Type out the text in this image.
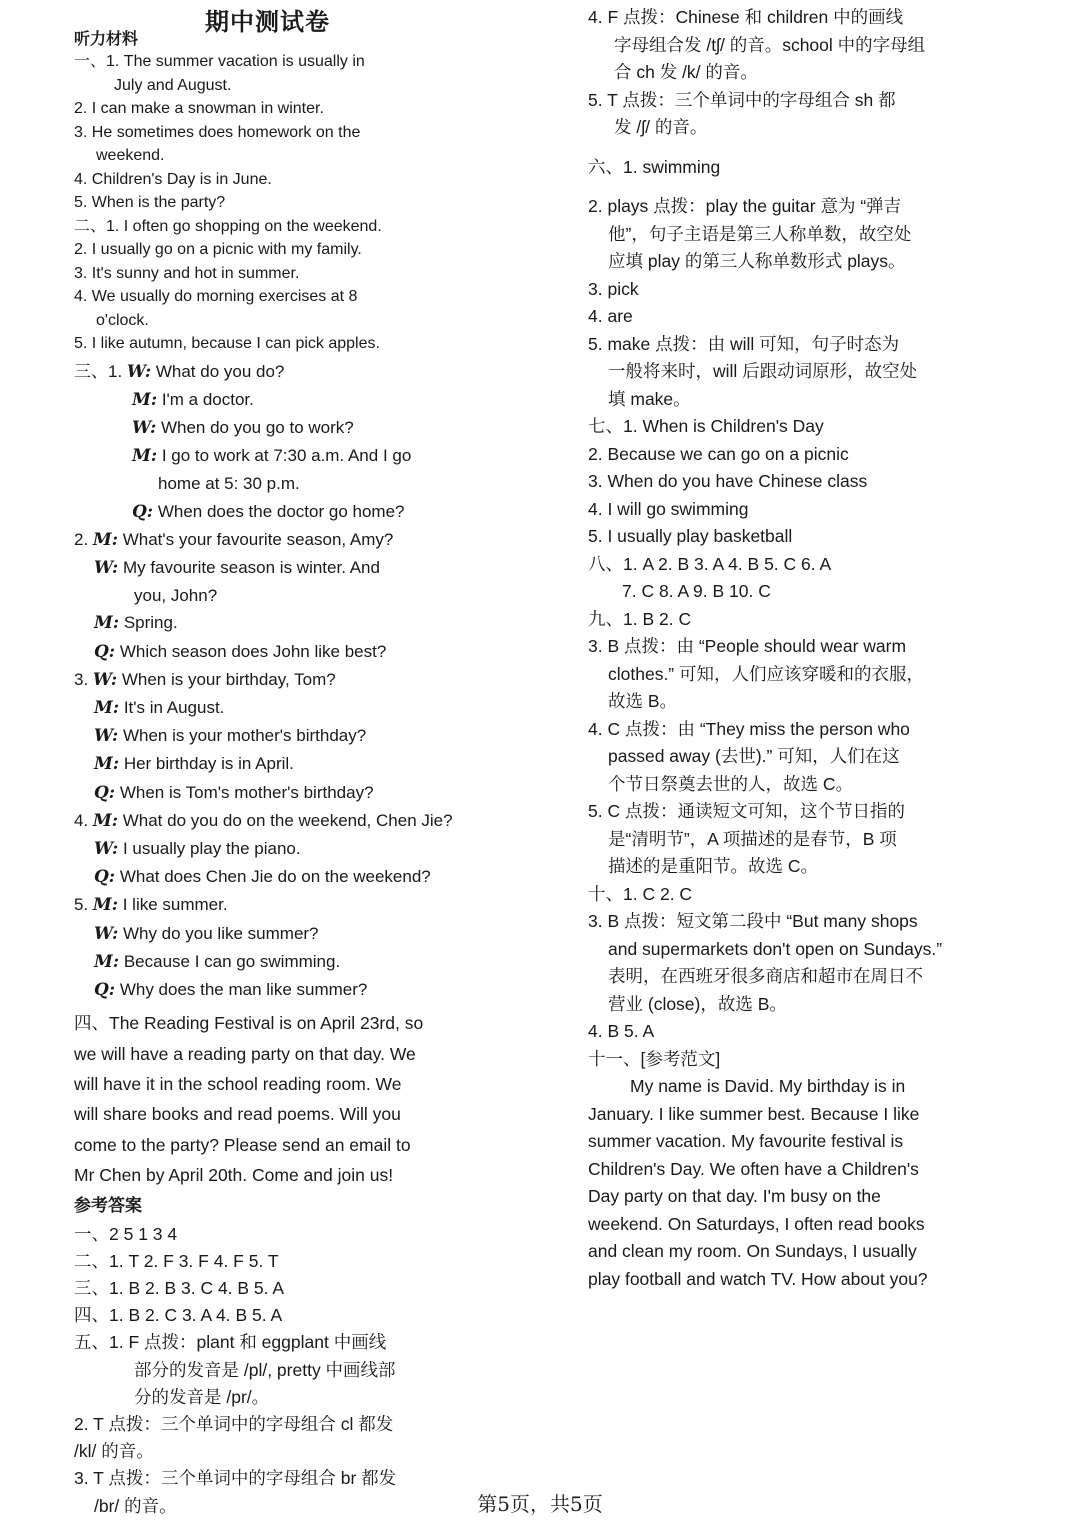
期中测试卷
听力材料
一、1. The summer vacation is usually in
July and August.
2. I can make a snowman in winter.
3. He sometimes does homework on the
weekend.
4. Children's Day is in June.
5. When is the party?
二、1. I often go shopping on the weekend.
2. I usually go on a picnic with my family.
3. It's sunny and hot in summer.
4. We usually do morning exercises at 8
o'clock.
5. I like autumn, because I can pick apples.
三、1. W: What do you do?
M: I'm a doctor.
W: When do you go to work?
M: I go to work at 7:30 a.m. And I go
home at 5: 30 p.m.
Q: When does the doctor go home?
2. M: What's your favourite season, Amy?
W: My favourite season is winter. And
you, John?
M: Spring.
Q: Which season does John like best?
3. W: When is your birthday, Tom?
M: It's in August.
W: When is your mother's birthday?
M: Her birthday is in April.
Q: When is Tom's mother's birthday?
4. M: What do you do on the weekend, Chen Jie?
W: I usually play the piano.
Q: What does Chen Jie do on the weekend?
5. M: I like summer.
W: Why do you like summer?
M: Because I can go swimming.
Q: Why does the man like summer?
四、The Reading Festival is on April 23rd, so
we will have a reading party on that day. We
will have it in the school reading room. We
will share books and read poems. Will you
come to the party? Please send an email to
Mr Chen by April 20th. Come and join us!
参考答案
一、2 5 1 3 4
二、1. T 2. F 3. F 4. F 5. T
三、1. B 2. B 3. C 4. B 5. A
四、1. B 2. C 3. A 4. B 5. A
五、1. F 点拨：plant 和 eggplant 中画线
部分的发音是 /pl/, pretty 中画线部
分的发音是 /pr/。
2. T 点拨：三个单词中的字母组合 cl 都发
/kl/ 的音。
3. T 点拨：三个单词中的字母组合 br 都发
/br/ 的音。
4. F 点拨：Chinese 和 children 中的画线
字母组合发 /tʃ/ 的音。school 中的字母组
合 ch 发 /k/ 的音。
5. T 点拨：三个单词中的字母组合 sh 都
发 /ʃ/ 的音。
六、1. swimming
2. plays 点拨：play the guitar 意为 “弹吉
他”，句子主语是第三人称单数，故空处
应填 play 的第三人称单数形式 plays。
3. pick
4. are
5. make 点拨：由 will 可知，句子时态为
一般将来时，will 后跟动词原形，故空处
填 make。
七、1. When is Children's Day
2. Because we can go on a picnic
3. When do you have Chinese class
4. I will go swimming
5. I usually play basketball
八、1. A 2. B 3. A 4. B 5. C 6. A
7. C 8. A 9. B 10. C
九、1. B 2. C
3. B 点拨：由 “People should wear warm
clothes.” 可知，人们应该穿暖和的衣服，
故选 B。
4. C 点拨：由 “They miss the person who
passed away (去世).” 可知，人们在这
个节日祭奠去世的人，故选 C。
5. C 点拨：通读短文可知，这个节日指的
是“清明节”，A 项描述的是春节，B 项
描述的是重阳节。故选 C。
十、1. C 2. C
3. B 点拨：短文第二段中 “But many shops
and supermarkets don't open on Sundays.”
表明，在西班牙很多商店和超市在周日不
营业 (close)，故选 B。
4. B 5. A
十一、[参考范文]
My name is David. My birthday is in
January. I like summer best. Because I like
summer vacation. My favourite festival is
Children's Day. We often have a Children's
Day party on that day. I'm busy on the
weekend. On Saturdays, I often read books
and clean my room. On Sundays, I usually
play football and watch TV. How about you?
第5页，共5页
